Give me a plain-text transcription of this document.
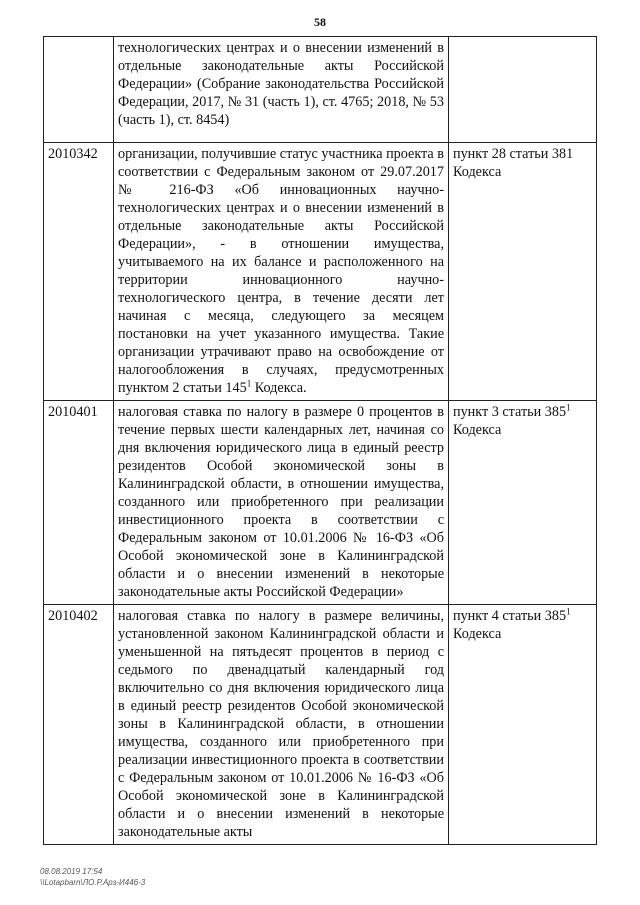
58
	технологических центрах и о внесении изменений в отдельные законодательные акты Российской Федерации» (Собрание законодательства Российской Федерации, 2017, № 31 (часть 1), ст. 4765; 2018, № 53 (часть 1), ст. 8454)	
2010342	организации, получившие статус участника проекта в соответствии с Федеральным законом от 29.07.2017 № 216-ФЗ «Об инновационных научно-технологических центрах и о внесении изменений в отдельные законодательные акты Российской Федерации», - в отношении имущества, учитываемого на их балансе и расположенного на территории инновационного научно-технологического центра, в течение десяти лет начиная с месяца, следующего за месяцем постановки на учет указанного имущества. Такие организации утрачивают право на освобождение от налогообложения в случаях, предусмотренных пунктом 2 статьи $145^1$ Кодекса.	пункт 28 статьи 381 Кодекса
2010401	налоговая ставка по налогу в размере 0 процентов в течение первых шести календарных лет, начиная со дня включения юридического лица в единый реестр резидентов Особой экономической зоны в Калининградской области, в отношении имущества, созданного или приобретенного при реализации инвестиционного проекта в соответствии с Федеральным законом от 10.01.2006 № 16-ФЗ «Об Особой экономической зоне в Калининградской области и о внесении изменений в некоторые законодательные акты Российской Федерации»	пункт 3 статьи $385^1$ Кодекса
2010402	налоговая ставка по налогу в размере величины, установленной законом Калининградской области и уменьшенной на пятьдесят процентов в период с седьмого по двенадцатый календарный год включительно со дня включения юридического лица в единый реестр резидентов Особой экономической зоны в Калининградской области, в отношении имущества, созданного или приобретенного при реализации инвестиционного проекта в соответствии с Федеральным законом от 10.01.2006 № 16-ФЗ «Об Особой экономической зоне в Калининградской области и о внесении изменений в некоторые законодательные акты	пункт 4 статьи $385^1$ Кодекса
08.08.2019 17:54
\\Lotapbarn\ЛО.Р.Арз-И446-3
